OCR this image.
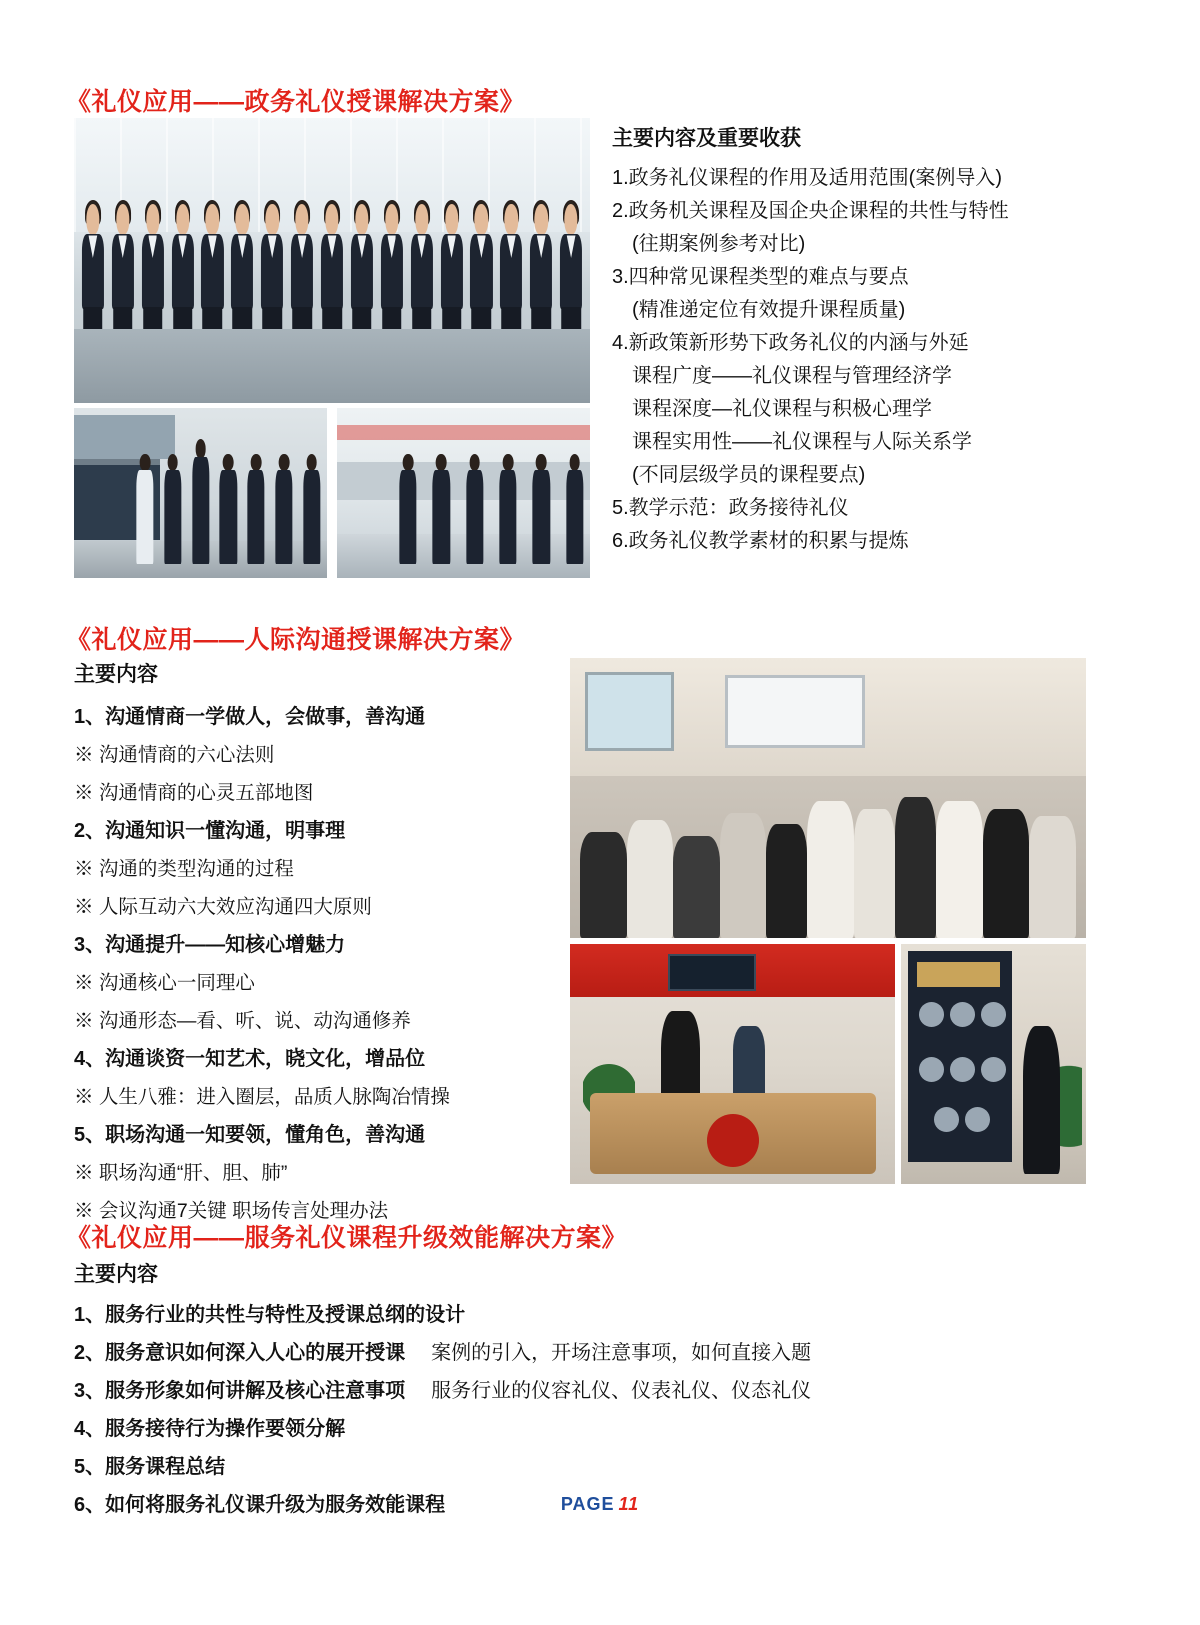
《礼仪应用——政务礼仪授课解决方案》
主要内容及重要收获
1.政务礼仪课程的作用及适用范围(案例导入)
2.政务机关课程及国企央企课程的共性与特性
(往期案例参考对比)
3.四种常见课程类型的难点与要点
(精准递定位有效提升课程质量)
4.新政策新形势下政务礼仪的内涵与外延
课程广度——礼仪课程与管理经济学
课程深度—礼仪课程与积极心理学
课程实用性——礼仪课程与人际关系学
(不同层级学员的课程要点)
5.教学示范：政务接待礼仪
6.政务礼仪教学素材的积累与提炼
《礼仪应用——人际沟通授课解决方案》
主要内容
1、沟通情商一学做人，会做事，善沟通
※ 沟通情商的六心法则
※ 沟通情商的心灵五部地图
2、沟通知识一懂沟通，明事理
※ 沟通的类型沟通的过程
※ 人际互动六大效应沟通四大原则
3、沟通提升——知核心增魅力
※ 沟通核心一同理心
※ 沟通形态—看、听、说、动沟通修养
4、沟通谈资一知艺术，晓文化，增品位
※ 人生八雅：进入圈层，品质人脉陶冶情操
5、职场沟通一知要领，懂角色，善沟通
※ 职场沟通“肝、胆、肺”
※ 会议沟通7关键 职场传言处理办法
《礼仪应用——服务礼仪课程升级效能解决方案》
主要内容
1、服务行业的共性与特性及授课总纲的设计
2、服务意识如何深入人心的展开授课 案例的引入，开场注意事项，如何直接入题
3、服务形象如何讲解及核心注意事项 服务行业的仪容礼仪、仪表礼仪、仪态礼仪
4、服务接待行为操作要领分解
5、服务课程总结
6、如何将服务礼仪课升级为服务效能课程	PAGE 11
